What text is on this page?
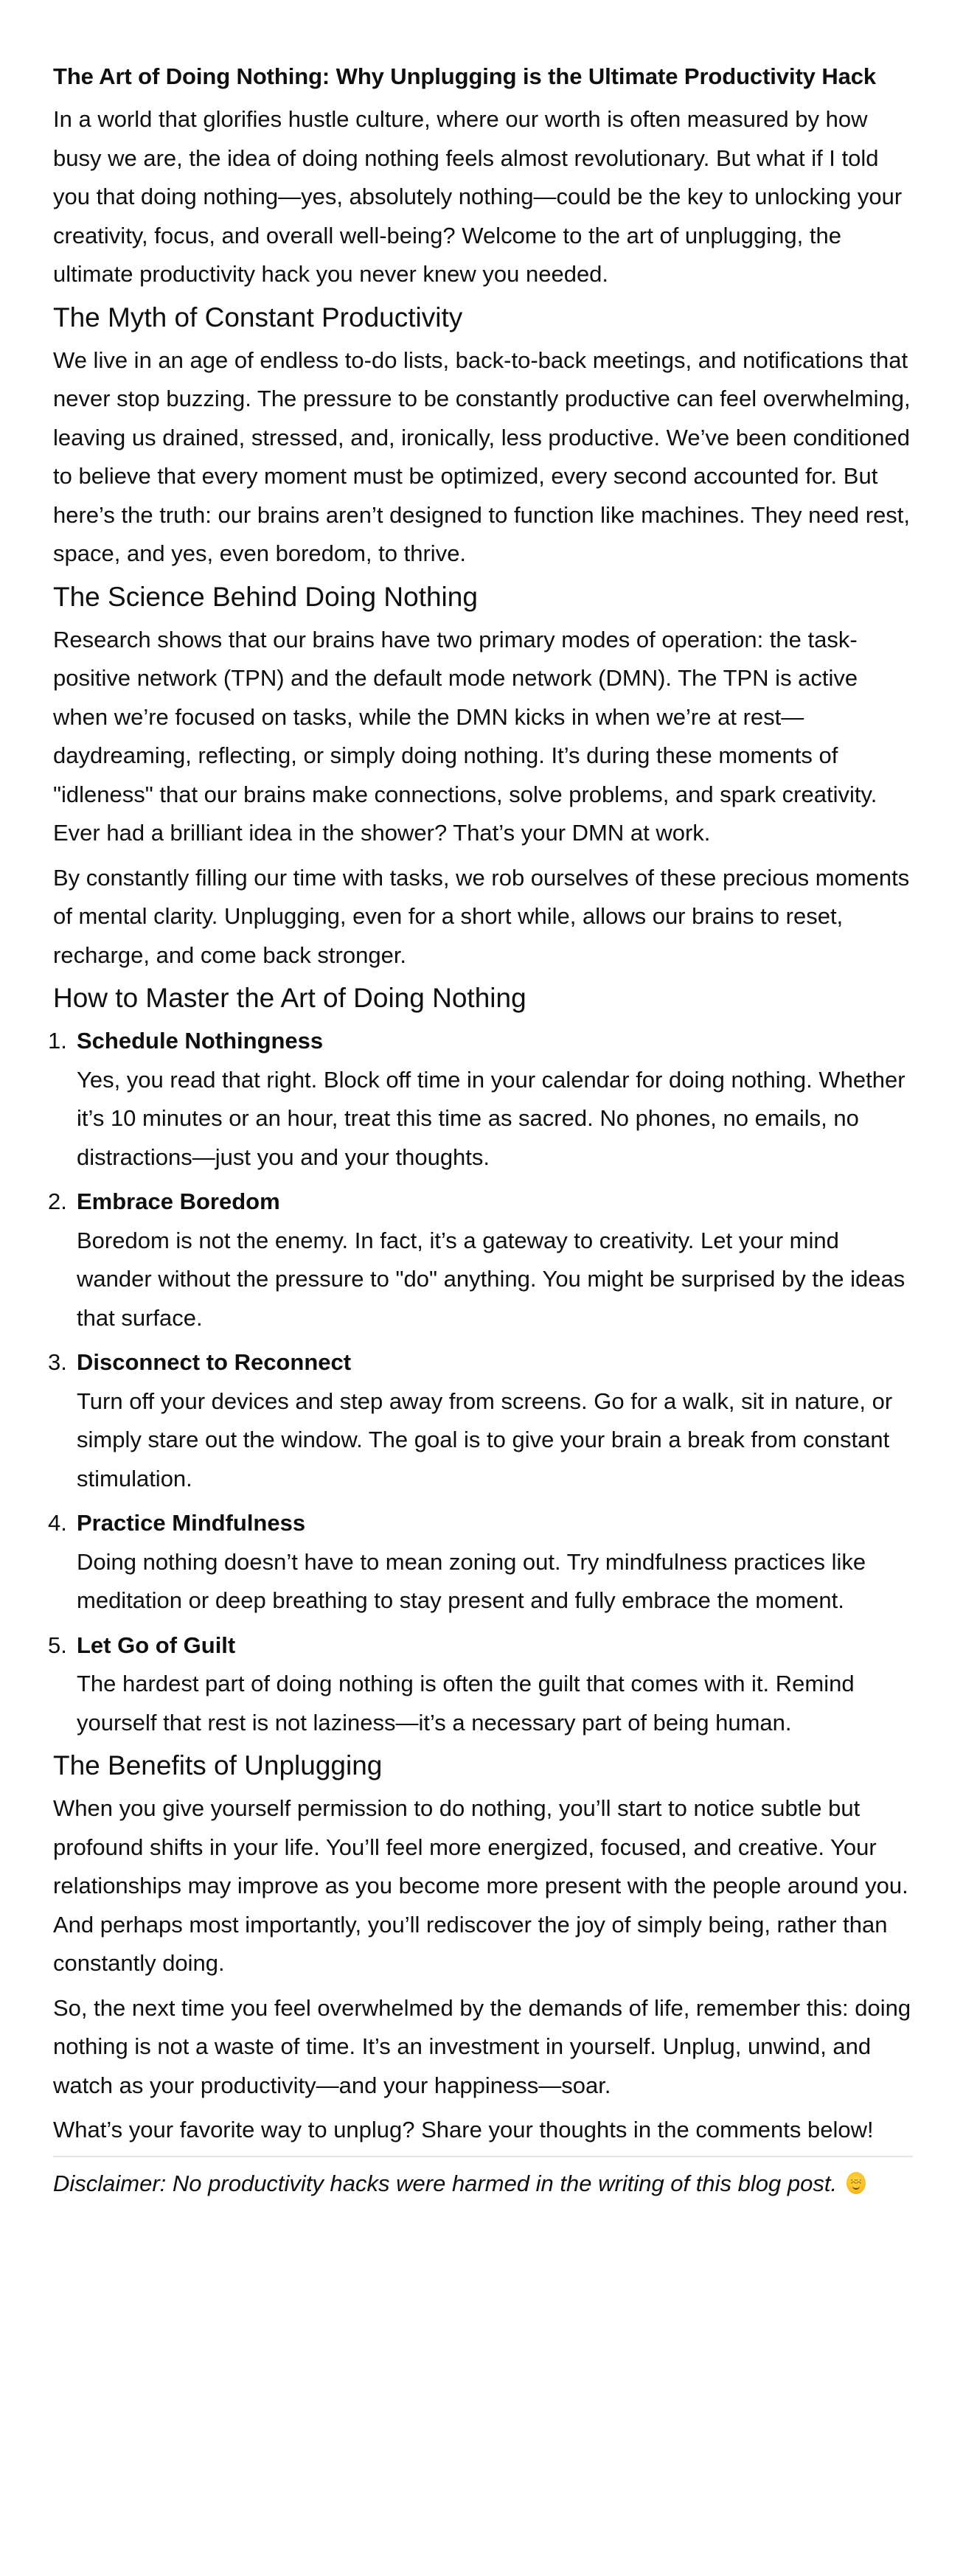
The Art of Doing Nothing: Why Unplugging is the Ultimate Productivity Hack

In a world that glorifies hustle culture, where our worth is often measured by how busy we are, the idea of doing nothing feels almost revolutionary. But what if I told you that doing nothing—yes, absolutely nothing—could be the key to unlocking your creativity, focus, and overall well-being? Welcome to the art of unplugging, the ultimate productivity hack you never knew you needed.

The Myth of Constant Productivity

We live in an age of endless to-do lists, back-to-back meetings, and notifications that never stop buzzing. The pressure to be constantly productive can feel overwhelming, leaving us drained, stressed, and, ironically, less productive. We’ve been conditioned to believe that every moment must be optimized, every second accounted for. But here’s the truth: our brains aren’t designed to function like machines. They need rest, space, and yes, even boredom, to thrive.

The Science Behind Doing Nothing

Research shows that our brains have two primary modes of operation: the task-positive network (TPN) and the default mode network (DMN). The TPN is active when we’re focused on tasks, while the DMN kicks in when we’re at rest—daydreaming, reflecting, or simply doing nothing. It’s during these moments of "idleness" that our brains make connections, solve problems, and spark creativity. Ever had a brilliant idea in the shower? That’s your DMN at work.

By constantly filling our time with tasks, we rob ourselves of these precious moments of mental clarity. Unplugging, even for a short while, allows our brains to reset, recharge, and come back stronger.

How to Master the Art of Doing Nothing
1. Schedule Nothingness
Yes, you read that right. Block off time in your calendar for doing nothing. Whether it’s 10 minutes or an hour, treat this time as sacred. No phones, no emails, no distractions—just you and your thoughts.
2. Embrace Boredom
Boredom is not the enemy. In fact, it’s a gateway to creativity. Let your mind wander without the pressure to "do" anything. You might be surprised by the ideas that surface.
3. Disconnect to Reconnect
Turn off your devices and step away from screens. Go for a walk, sit in nature, or simply stare out the window. The goal is to give your brain a break from constant stimulation.
4. Practice Mindfulness
Doing nothing doesn’t have to mean zoning out. Try mindfulness practices like meditation or deep breathing to stay present and fully embrace the moment.
5. Let Go of Guilt
The hardest part of doing nothing is often the guilt that comes with it. Remind yourself that rest is not laziness—it’s a necessary part of being human.
The Benefits of Unplugging

When you give yourself permission to do nothing, you’ll start to notice subtle but profound shifts in your life. You’ll feel more energized, focused, and creative. Your relationships may improve as you become more present with the people around you. And perhaps most importantly, you’ll rediscover the joy of simply being, rather than constantly doing.

So, the next time you feel overwhelmed by the demands of life, remember this: doing nothing is not a waste of time. It’s an investment in yourself. Unplug, unwind, and watch as your productivity—and your happiness—soar.

What’s your favorite way to unplug? Share your thoughts in the comments below!

Disclaimer: No productivity hacks were harmed in the writing of this blog post.
